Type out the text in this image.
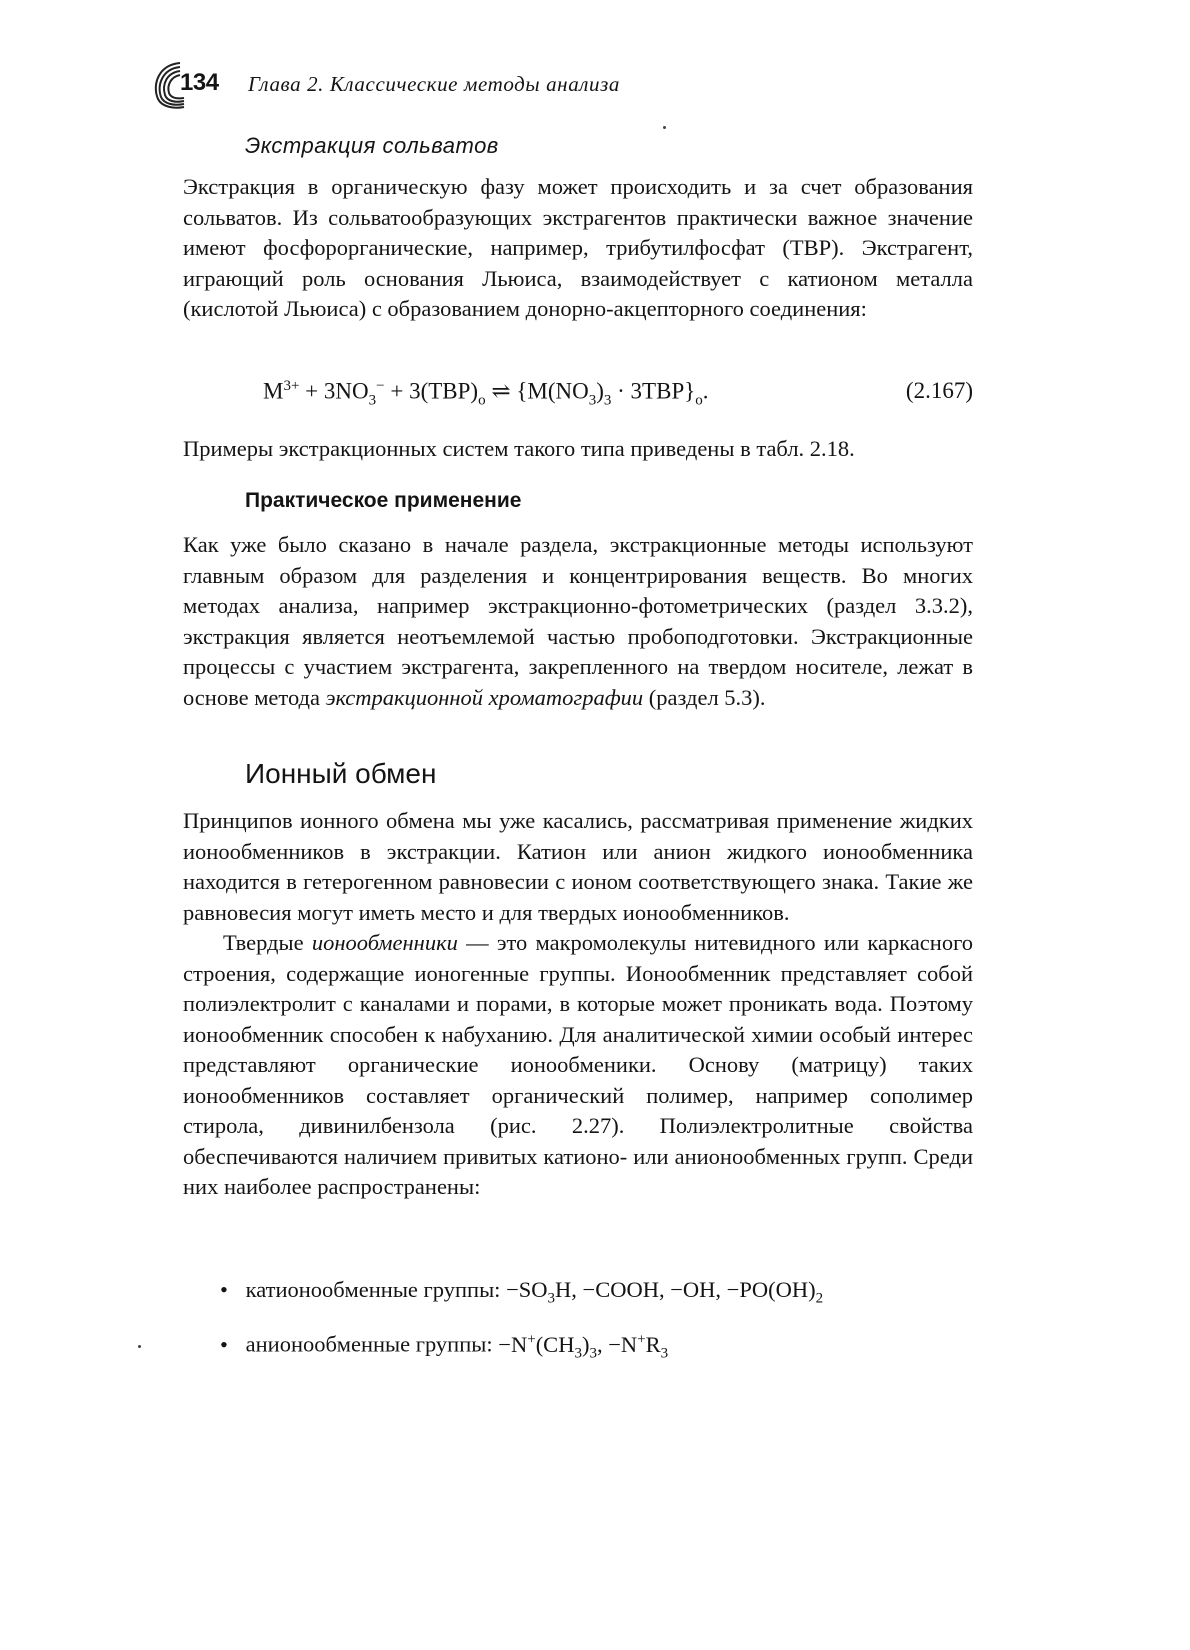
134 Глава 2. Классические методы анализа
Экстракция сольватов

Экстракция в органическую фазу может происходить и за счет образования сольватов. Из сольватообразующих экстрагентов практически важное значение имеют фосфорорганические, например, трибутилфосфат (ТВР). Экстрагент, играющий роль основания Льюиса, взаимодействует с катионом металла (кислотой Льюиса) с образованием донорно-акцепторного соединения:

$M^{3+} + 3NO_3^- + 3(TBP)_o$ ⇌ $\{M(NO_3)_3 \cdot 3TBP\}_o$.	(2.167)

Примеры экстракционных систем такого типа приведены в табл. 2.18.

Практическое применение

Как уже было сказано в начале раздела, экстракционные методы используют главным образом для разделения и концентрирования веществ. Во многих методах анализа, например экстракционно-фотометрических (раздел 3.3.2), экстракция является неотъемлемой частью пробоподготовки. Экстракционные процессы с участием экстрагента, закрепленного на твердом носителе, лежат в основе метода экстракционной хроматографии (раздел 5.3).

Ионный обмен

Принципов ионного обмена мы уже касались, рассматривая применение жидких ионообменников в экстракции. Катион или анион жидкого ионообменника находится в гетерогенном равновесии с ионом соответствующего знака. Такие же равновесия могут иметь место и для твердых ионообменников.

Твердые ионообменники — это макромолекулы нитевидного или каркасного строения, содержащие ионогенные группы. Ионообменник представляет собой полиэлектролит с каналами и порами, в которые может проникать вода. Поэтому ионообменник способен к набуханию. Для аналитической химии особый интерес представляют органические ионообменики. Основу (матрицу) таких ионообменников составляет органический полимер, например сополимер стирола, дивинилбензола (рис. 2.27). Полиэлектролитные свойства обеспечиваются наличием привитых катионо- или анионообменных групп. Среди них наиболее распространены:

• катионообменные группы: $-SO_3H$, −COOH, −OH, $-PO(OH)_2$
• анионообменные группы: $-N^+(CH_3)_3$, $-N^+R_3$
